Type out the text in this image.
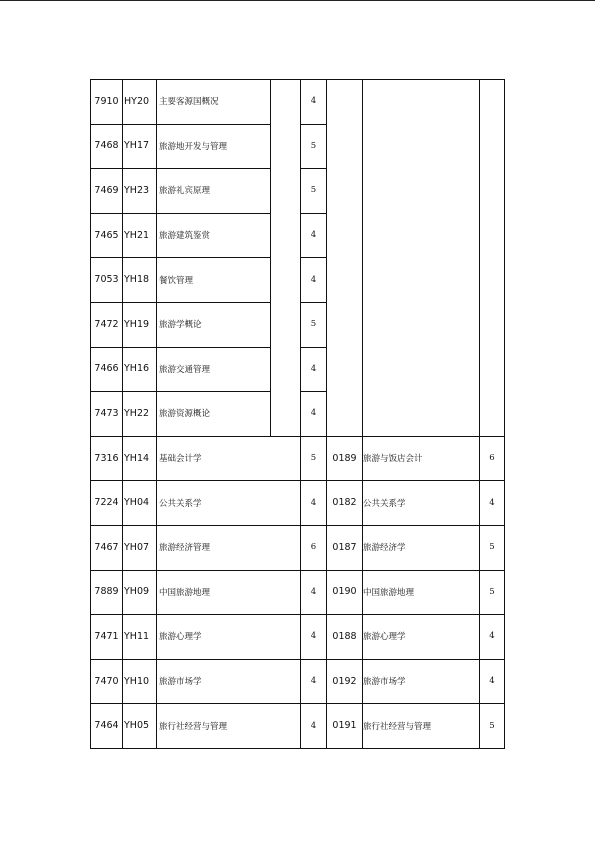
7910 HY20	主要客源国概况	4
7468 YH17	旅游地开发与管理	5
7469 YH23	旅游礼宾原理	5
7465 YH21	旅游建筑鉴赏	4
7053 YH18	餐饮管理	4
7472 YH19	旅游学概论	5
7466 YH16	旅游交通管理	4
7473 YH22	旅游资源概论	4
7316 YH14	基础会计学	5	0189 旅游与饭店会计	6
7224 YH04	公共关系学	4	0182 公共关系学	4
7467 YH07	旅游经济管理	6	0187 旅游经济学	5
7889 YH09	中国旅游地理	4	0190 中国旅游地理	5
7471 YH11	旅游心理学	4	0188 旅游心理学	4
7470 YH10	旅游市场学	4	0192 旅游市场学	4
7464 YH05	旅行社经营与管理	4	0191 旅行社经营与管理	5
